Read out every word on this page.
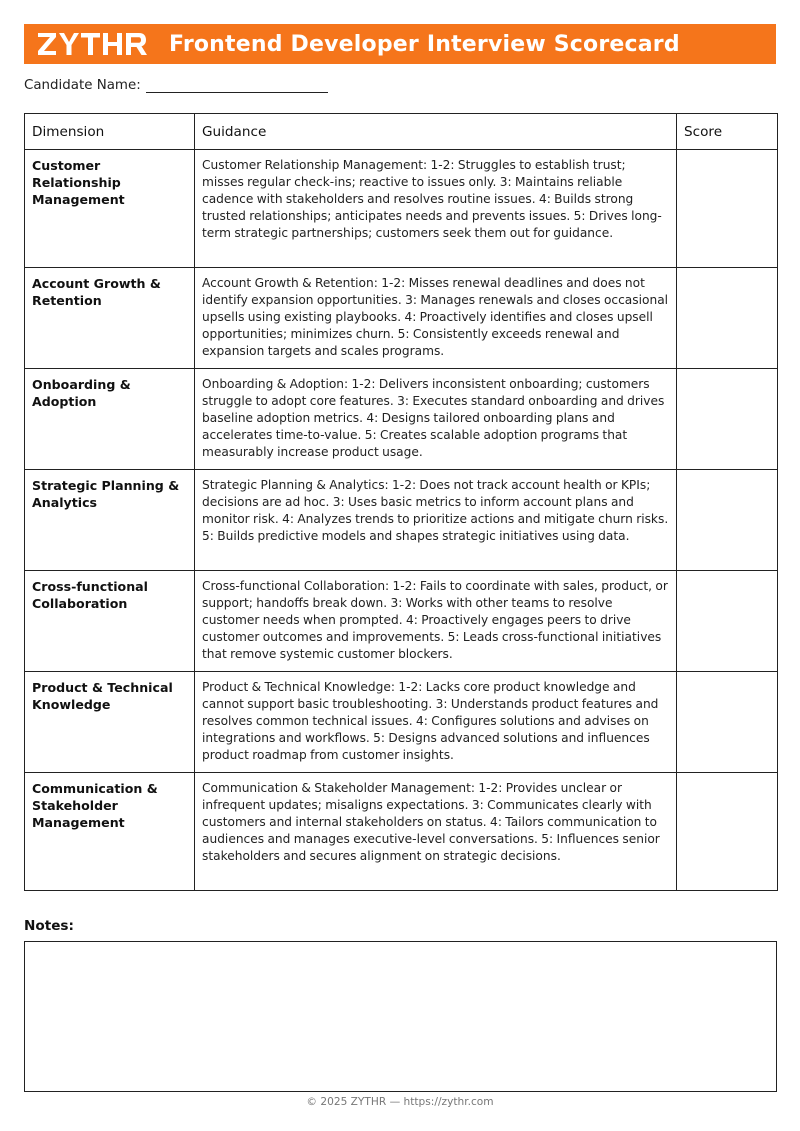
Frontend Developer Interview Scorecard
Candidate Name:
Dimension	Guidance	Score
Customer Relationship Management	Customer Relationship Management: 1-2: Struggles to establish trust; misses regular check-ins; reactive to issues only. 3: Maintains reliable cadence with stakeholders and resolves routine issues. 4: Builds strong trusted relationships; anticipates needs and prevents issues. 5: Drives long-term strategic partnerships; customers seek them out for guidance.	
Account Growth & Retention	Account Growth & Retention: 1-2: Misses renewal deadlines and does not identify expansion opportunities. 3: Manages renewals and closes occasional upsells using existing playbooks. 4: Proactively identifies and closes upsell opportunities; minimizes churn. 5: Consistently exceeds renewal and expansion targets and scales programs.	
Onboarding & Adoption	Onboarding & Adoption: 1-2: Delivers inconsistent onboarding; customers struggle to adopt core features. 3: Executes standard onboarding and drives baseline adoption metrics. 4: Designs tailored onboarding plans and accelerates time-to-value. 5: Creates scalable adoption programs that measurably increase product usage.	
Strategic Planning & Analytics	Strategic Planning & Analytics: 1-2: Does not track account health or KPIs; decisions are ad hoc. 3: Uses basic metrics to inform account plans and monitor risk. 4: Analyzes trends to prioritize actions and mitigate churn risks. 5: Builds predictive models and shapes strategic initiatives using data.	
Cross-functional Collaboration	Cross-functional Collaboration: 1-2: Fails to coordinate with sales, product, or support; handoffs break down. 3: Works with other teams to resolve customer needs when prompted. 4: Proactively engages peers to drive customer outcomes and improvements. 5: Leads cross-functional initiatives that remove systemic customer blockers.	
Product & Technical Knowledge	Product & Technical Knowledge: 1-2: Lacks core product knowledge and cannot support basic troubleshooting. 3: Understands product features and resolves common technical issues. 4: Configures solutions and advises on integrations and workflows. 5: Designs advanced solutions and influences product roadmap from customer insights.	
Communication & Stakeholder Management	Communication & Stakeholder Management: 1-2: Provides unclear or infrequent updates; misaligns expectations. 3: Communicates clearly with customers and internal stakeholders on status. 4: Tailors communication to audiences and manages executive-level conversations. 5: Influences senior stakeholders and secures alignment on strategic decisions.	
Notes:
© 2025 ZYTHR — https://zythr.com
